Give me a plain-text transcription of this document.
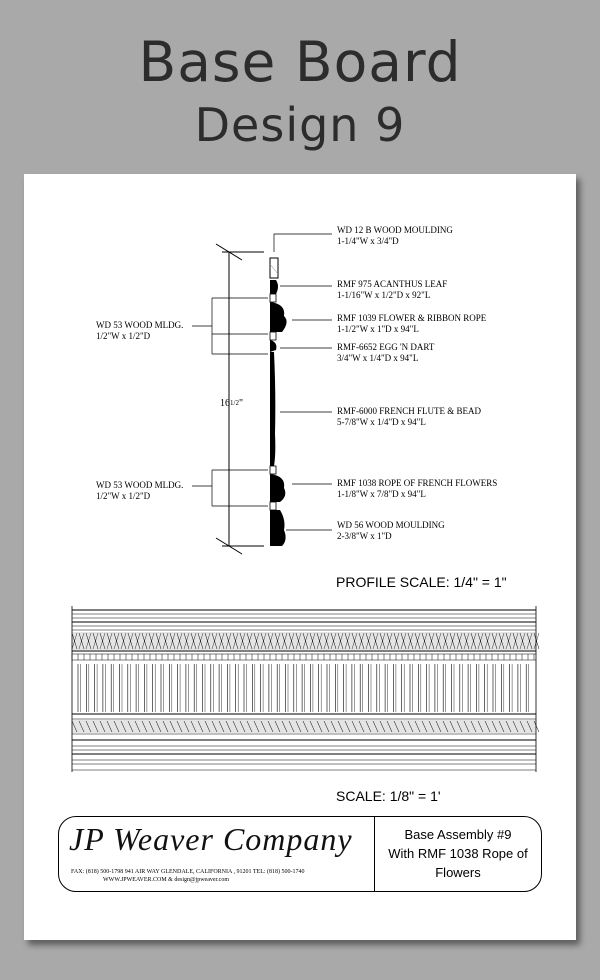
Base Board
Design 9
161/2"
WD 12 B WOOD MOULDING
1-1/4"W x 3/4"D
RMF 975 ACANTHUS LEAF
1-1/16"W x 1/2"D x 92"L
RMF 1039 FLOWER & RIBBON ROPE
1-1/2"W x 1"D x 94"L
RMF-6652 EGG 'N DART
3/4"W x 1/4"D x 94"L
RMF-6000 FRENCH FLUTE & BEAD
5-7/8"W x 1/4"D x 94"L
RMF 1038 ROPE OF FRENCH FLOWERS
1-1/8"W x 7/8"D x 94"L
WD 56 WOOD MOULDING
2-3/8"W x 1"D
WD 53 WOOD MLDG.
1/2"W x 1/2"D
WD 53 WOOD MLDG.
1/2"W x 1/2"D
PROFILE SCALE: 1/4" = 1"
SCALE: 1/8" = 1'
JP Weaver Company
FAX: (818) 500-1798 941 AIR WAY GLENDALE, CALIFORNIA , 91201 TEL: (818) 500-1740
WWW.JPWEAVER.COM & design@jpweaver.com
Base Assembly #9
With RMF 1038 Rope of
Flowers
